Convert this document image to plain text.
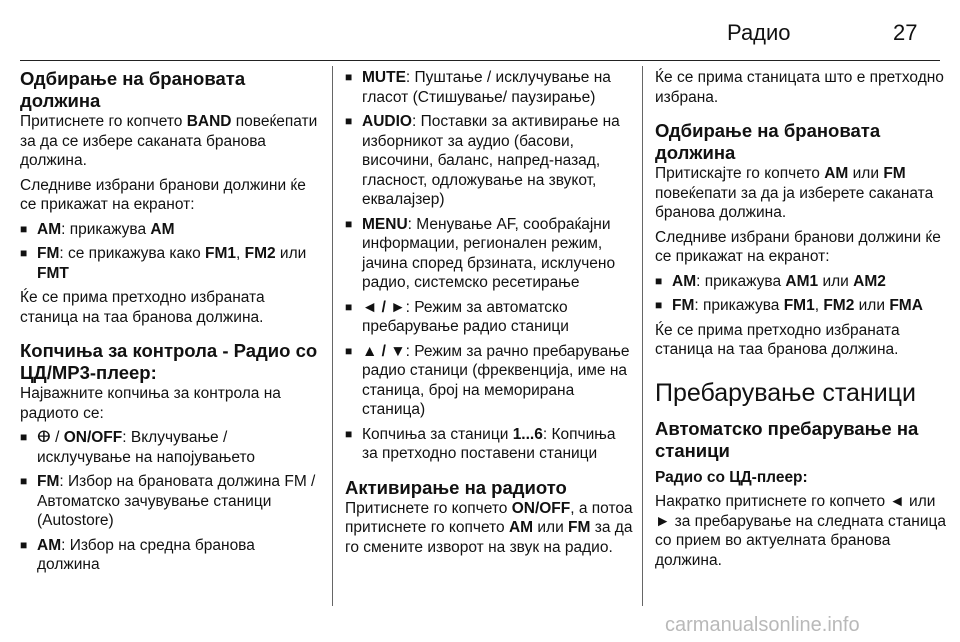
Радио	27
Одбирање на брановата должина

Притиснете го копчето BAND повеќепати за да се избере саканата бранова должина.

Следниве избрани бранови должини ќе се прикажат на екранот:

■ AM: прикажува AM
■ FM: се прикажува како FM1, FM2 или FMT

Ќе се прима претходно избраната станица на таа бранова должина.

Копчиња за контрола - Радио со ЦД/MP3-плеер:

Најважните копчиња за контрола на радиото се:

■ ⴲ / ON/OFF: Вклучување / исклучување на напојувањето
■ FM: Избор на брановата должина FM / Автоматско зачувување станици (Autostore)
■ AM: Избор на средна бранова должина
■ MUTE: Пуштање / исклучување на гласот (Стишување/ паузирање)
■ AUDIO: Поставки за активирање на изборникот за аудио (басови, височини, баланс, напред-назад, гласност, одложување на звукот, еквалајзер)
■ MENU: Менување AF, сообраќајни информации, регионален режим, јачина според брзината, исклучено радио, системско ресетирање
■ ◄ / ►: Режим за автоматско пребарување радио станици
■ ▲ / ▼: Режим за рачно пребарување радио станици (фреквенција, име на станица, број на меморирана станица)
■ Копчиња за станици 1...6: Копчиња за претходно поставени станици
Активирање на радиото

Притиснете го копчето ON/OFF, а потоа притиснете го копчето AM или FM за да го смените изворот на звук на радио.

Ќе се прима станицата што е претходно избрана.

Одбирање на брановата должина

Притискајте го копчето AM или FM повеќепати за да ја изберете саканата бранова должина.

Следниве избрани бранови должини ќе се прикажат на екранот:

■ AM: прикажува AM1 или AM2
■ FM: прикажува FM1, FM2 или FMA

Ќе се прима претходно избраната станица на таа бранова должина.

Пребарување станици
Автоматско пребарување на станици

Радио со ЦД-плеер:

Накратко притиснете го копчето ◄ или ► за пребарување на следната станица со прием во актуелната бранова должина.

carmanualsonline.info
